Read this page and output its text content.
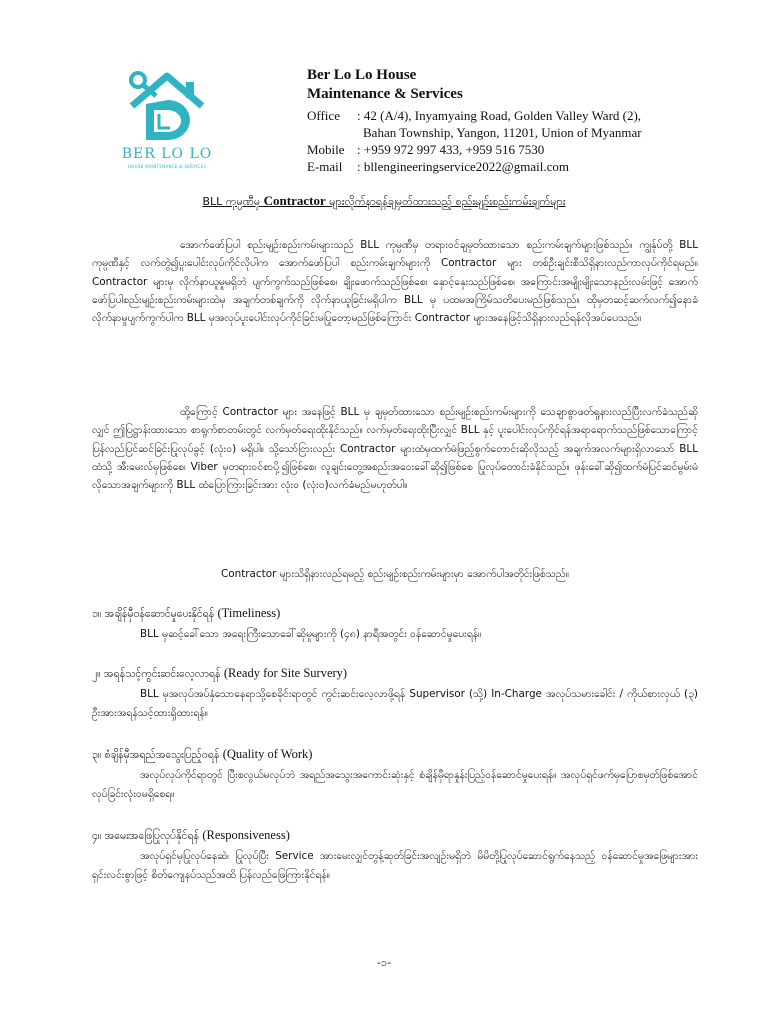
BER LO LO
HOUSE MAINTENANCE & SERVICES
Ber Lo Lo House
Maintenance & Services
Office	: 42 (A/4), Inyamyaing Road, Golden Valley Ward (2),
Bahan Township, Yangon, 11201, Union of Myanmar
Mobile : +959 972 997 433, +959 516 7530
E-mail	: bllengineeringservice2022@gmail.com
BLL ကုမ္ပဏီမှ Contractor များလိုက်နာရန်ချမှတ်ထားသည့် စည်းမျဉ်းစည်းကမ်းချက်များ
အောက်ဖော်ပြပါ စည်းမျဉ်းစည်းကမ်းများသည် BLL ကုမ္ပဏီမှ တရားဝင်ချမှတ်ထားသော စည်းကမ်းချက်များဖြစ်သည်။ ကျွန်ုပ်တို့ BLL ကုမ္ပဏီနှင့် လက်တွဲ၍ပူးပေါင်းလုပ်ကိုင်လိုပါက အောက်ဖော်ပြပါ စည်းကမ်းချက်များကို Contractor များ တစ်ဦးချင်းစီသိရှိနားလည်ကာလုပ်ကိုင်ရမည်။ Contractor များမှ လိုက်နာယူမှုမရှိဘဲ ပျက်ကွက်သည်ဖြစ်စေ၊ ချိုးဖောက်သည်ဖြစ်စေ၊ နှောင့်နှေးသည်ဖြစ်စေ၊ အကြောင်းအမျိုးမျိုးသောနည်းလမ်းဖြင့် အောက်ဖော်ပြပါစည်းမျဉ်းစည်းကမ်းများထဲမှ အချက်တစ်ချက်ကို လိုက်နာယူခြင်းမရှိပါက BLL မှ ပထမအကြိမ်သတိပေးမည်ဖြစ်သည်။ ထိုမှတဆင့်ဆက်လက်၍နောခံလိုက်နာမှုပျက်ကွက်ပါက BLL မှအလုပ်ပူးပေါင်းလုပ်ကိုင်ခြင်းမပြုတော့မည်ဖြစ်ကြောင်း Contractor များအနေဖြင့်သိရှိနားလည်ရန်လိုအပ်ပေသည်။
ထို့ကြောင့် Contractor များ အနေဖြင့် BLL မှ ချမှတ်ထားသော စည်းမျဉ်းစည်းကမ်းများကို သေချာစွာဖတ်ရှုနားလည်ပြီးလက်ခံသည်ဆိုလျှင် ဤပြဋ္ဌာန်းထားသော စာရွက်စာတမ်းတွင် လက်မှတ်ရေးထိုးနိုင်သည်။ လက်မှတ်ရေးထိုးပြီးလျှင် BLL နှင့် ပူးပေါင်းလုပ်ကိုင်ရန်အရာရောက်သည်ဖြစ်သောကြောင့် ပြန်လည်ပြင်ဆင်ခြင်းပြုလုပ်ခွင့် (လုံး၀) မရှိပါ။ သို့သော်ငြားလည်း Contractor များထံမှထက်မံဖြည့်စွက်တောင်းဆိုလိုသည့် အချက်အလက်များရှိလာသော် BLL ထံသို့ အီးမေးလ်မှဖြစ်စေ၊ Viber မှတရားဝင်စာပို့၍ဖြစ်စေ၊ လူချင်းတွေ့အစည်းအဝေးခေါ်ဆို၍ဖြစ်စေ ပြုလုပ်တောင်းခံနိုင်သည်။ ဖုန်းခေါ်ဆို၍ထက်မံပြင်ဆင်မွမ်းမံလိုသောအချက်များကို BLL ထံပြောကြားခြင်းအား လုံး၀ (လုံး၀)လက်ခံမည်မဟုတ်ပါ။
Contractor များသိရှိနားလည်ရမည့် စည်းမျဉ်းစည်းကမ်းများမှာ အောက်ပါအတိုင်းဖြစ်သည်။
၁။ အချိန်မှီဝန်ဆောင်မှုပေးနိုင်ရန် (Timeliness)
BLL မှဆင့်ခေါ်သော အရေးကြီးသောခေါ်ဆိုမှုများကို (၄၈) နာရီအတွင်း ဝန်ဆောင်မှုပေးရန်။
၂။ အရန်သင့်ကွင်းဆင်းလေ့လာရန် (Ready for Site Survery)
BLL မှအလုပ်အပ်နှံသောနေရာသို့စေခိုင်းရာတွင် ကွင်းဆင်းလေ့လာဖို့ရန် Supervisor (သို့) In-Charge အလုပ်သမားခေါင်း / ကိုယ်စားလှယ် (၃) ဦးအားအရန်သင့်ထားရှိထားရန်။
၃။ စံချိန်မှီအရည်အသွေးပြည့်ဝရန် (Quality of Work)
အလုပ်လုပ်ကိုင်ရာတွင် ပြီးစလွယ်မလုပ်ဘဲ အရည်အသွေးအကောင်းဆုံးနှင့် စံချိန်မှီရာနှုန်းပြည့်ဝန်ဆောင်မှုပေးရန်။ အလုပ်ရှင်ဖက်မှပြောစမှတ်ဖြစ်အောင်လုပ်ခြင်းလုံး၀မရှိစေရ။
၄။ အမေးအဖြေပြုလုပ်နိုင်ရန် (Responsiveness)
အလုပ်ရှင်မှပြုလုပ်နေဆဲ၊ ပြုလုပ်ပြီး Service အားမေးလျှင်တွန့်ဆုတ်ခြင်းအလျဉ်းမရှိဘဲ မိမိတို့ပြုလုပ်ဆောင်ရွက်နေသည့် ဝန်ဆောင်မှုအဖြေများအား ရှင်းလင်းစွာဖြင့် စိတ်ကျေနပ်သည်အထိ ပြန်လည်ဖြေကြားနိုင်ရန်။
-၁-
